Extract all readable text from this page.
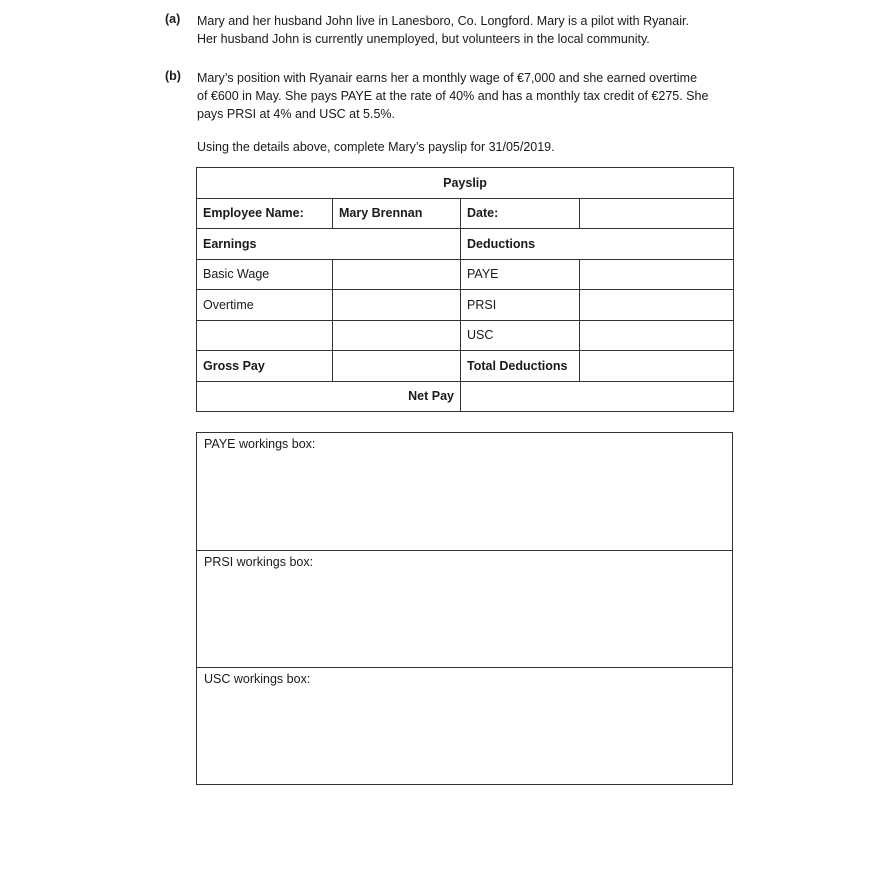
(a) Mary and her husband John live in Lanesboro, Co. Longford. Mary is a pilot with Ryanair.
Her husband John is currently unemployed, but volunteers in the local community.
(b) Mary’s position with Ryanair earns her a monthly wage of €7,000 and she earned overtime
of €600 in May. She pays PAYE at the rate of 40% and has a monthly tax credit of €275. She
pays PRSI at 4% and USC at 5.5%.
Using the details above, complete Mary’s payslip for 31/05/2019.
Payslip			
Employee Name:	Mary Brennan	Date:	
Earnings		Deductions	
Basic Wage		PAYE	
Overtime		PRSI	
		USC	
Gross Pay		Total Deductions	
Net Pay			
PAYE workings box:
PRSI workings box:
USC workings box:
